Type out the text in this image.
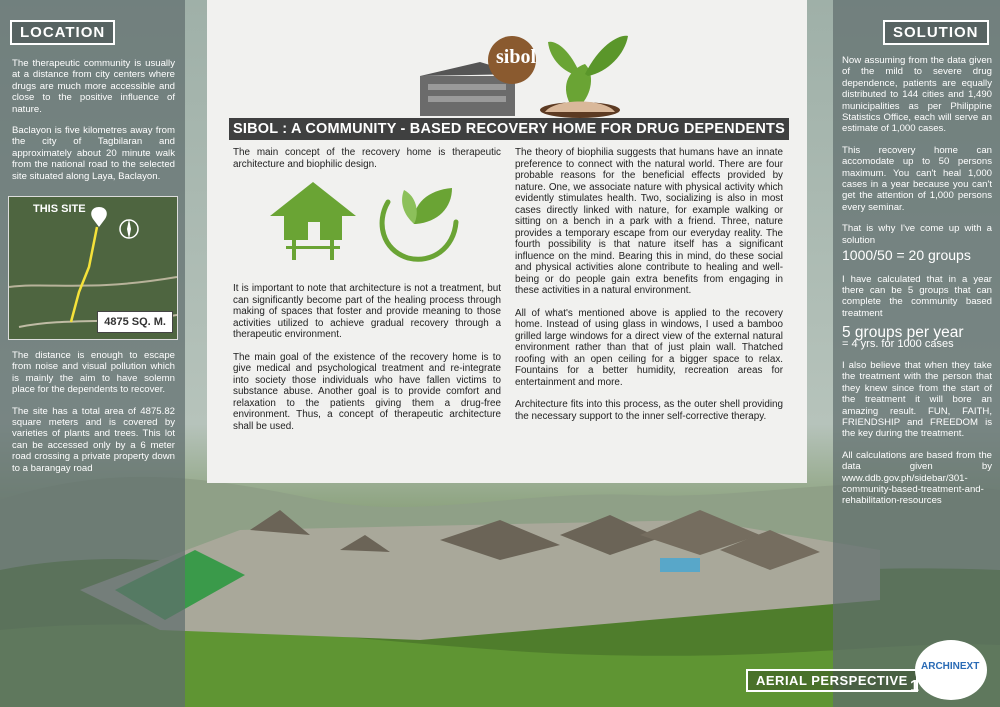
LOCATION

The therapeutic community is usually at a distance from city centers where drugs are much more accessible and close to the positive influence of nature.

Baclayon is five kilometres away from the city of Tagbilaran and approximately about 20 minute walk from the national road to the selected site situated along Laya, Baclayon.

THIS SITE
4875 SQ. M.

The distance is enough to escape from noise and visual pollution which is mainly the aim to have solemn place for the dependents to recover.

The site has a total area of 4875.82 square meters and is covered by varieties of plants and trees. This lot can be accessed only by a 6 meter road crossing a private property down to a barangay road

sibol
SIBOL : A COMMUNITY - BASED RECOVERY HOME FOR DRUG DEPENDENTS

The main concept of the recovery home is therapeutic architecture and biophilic design.

It is important to note that architecture is not a treatment, but can significantly become part of the healing process through making of spaces that foster and provide meaning to those activities utilized to achieve gradual recovery through a therapeutic environment.

The main goal of the existence of the recovery home is to give medical and psychological treatment and re-integrate into society those individuals who have fallen victims to substance abuse. Another goal is to provide comfort and relaxation to the patients giving them a drug-free environment. Thus, a concept of therapeutic architecture shall be used.

The theory of biophilia suggests that humans have an innate preference to connect with the natural world. There are four probable reasons for the beneficial effects provided by nature. One, we associate nature with physical activity which evidently stimulates health. Two, socializing is also in most cases directly linked with nature, for example walking or sitting on a bench in a park with a friend. Three, nature provides a temporary escape from our everyday reality. The fourth possibility is that nature itself has a significant influence on the mind. Bearing this in mind, do these social and physical activities alone contribute to healing and well-being or do people gain extra benefits from engaging in these activities in a natural environment.

All of what's mentioned above is applied to the recovery home. Instead of using glass in windows, I used a bamboo grilled large windows for a direct view of the external natural environment rather than that of just plain wall. Thatched roofing with an open ceiling for a bigger space to relax. Fountains for a better humidity, recreation areas for entertainment and more.

Architecture fits into this process, as the outer shell providing the necessary support to the inner self-corrective therapy.

SOLUTION

Now assuming from the data given of the mild to severe drug dependence, patients are equally distributed to 144 cities and 1,490 municipalities as per Philippine Statistics Office, each will serve an estimate of 1,000 cases.

This recovery home can accomodate up to 50 persons maximum. You can't heal 1,000 cases in a year because you can't get the attention of 1,000 persons every seminar.

That is why I've come up with a solution

1000/50 = 20 groups

I have calculated that in a year there can be 5 groups that can complete the community based treatment

5 groups per year

= 4 yrs. for 1000 cases

I also believe that when they take the treatment with the person that they knew since from the start of the treatment it will bore an amazing result. FUN, FAITH, FRIENDSHIP and FREEDOM is the key during the treatment.

All calculations are based from the data given by www.ddb.gov.ph/sidebar/301-community-based-treatment-and-rehabilitation-resources

AERIAL PERSPECTIVE 1
ARCHINEXT
